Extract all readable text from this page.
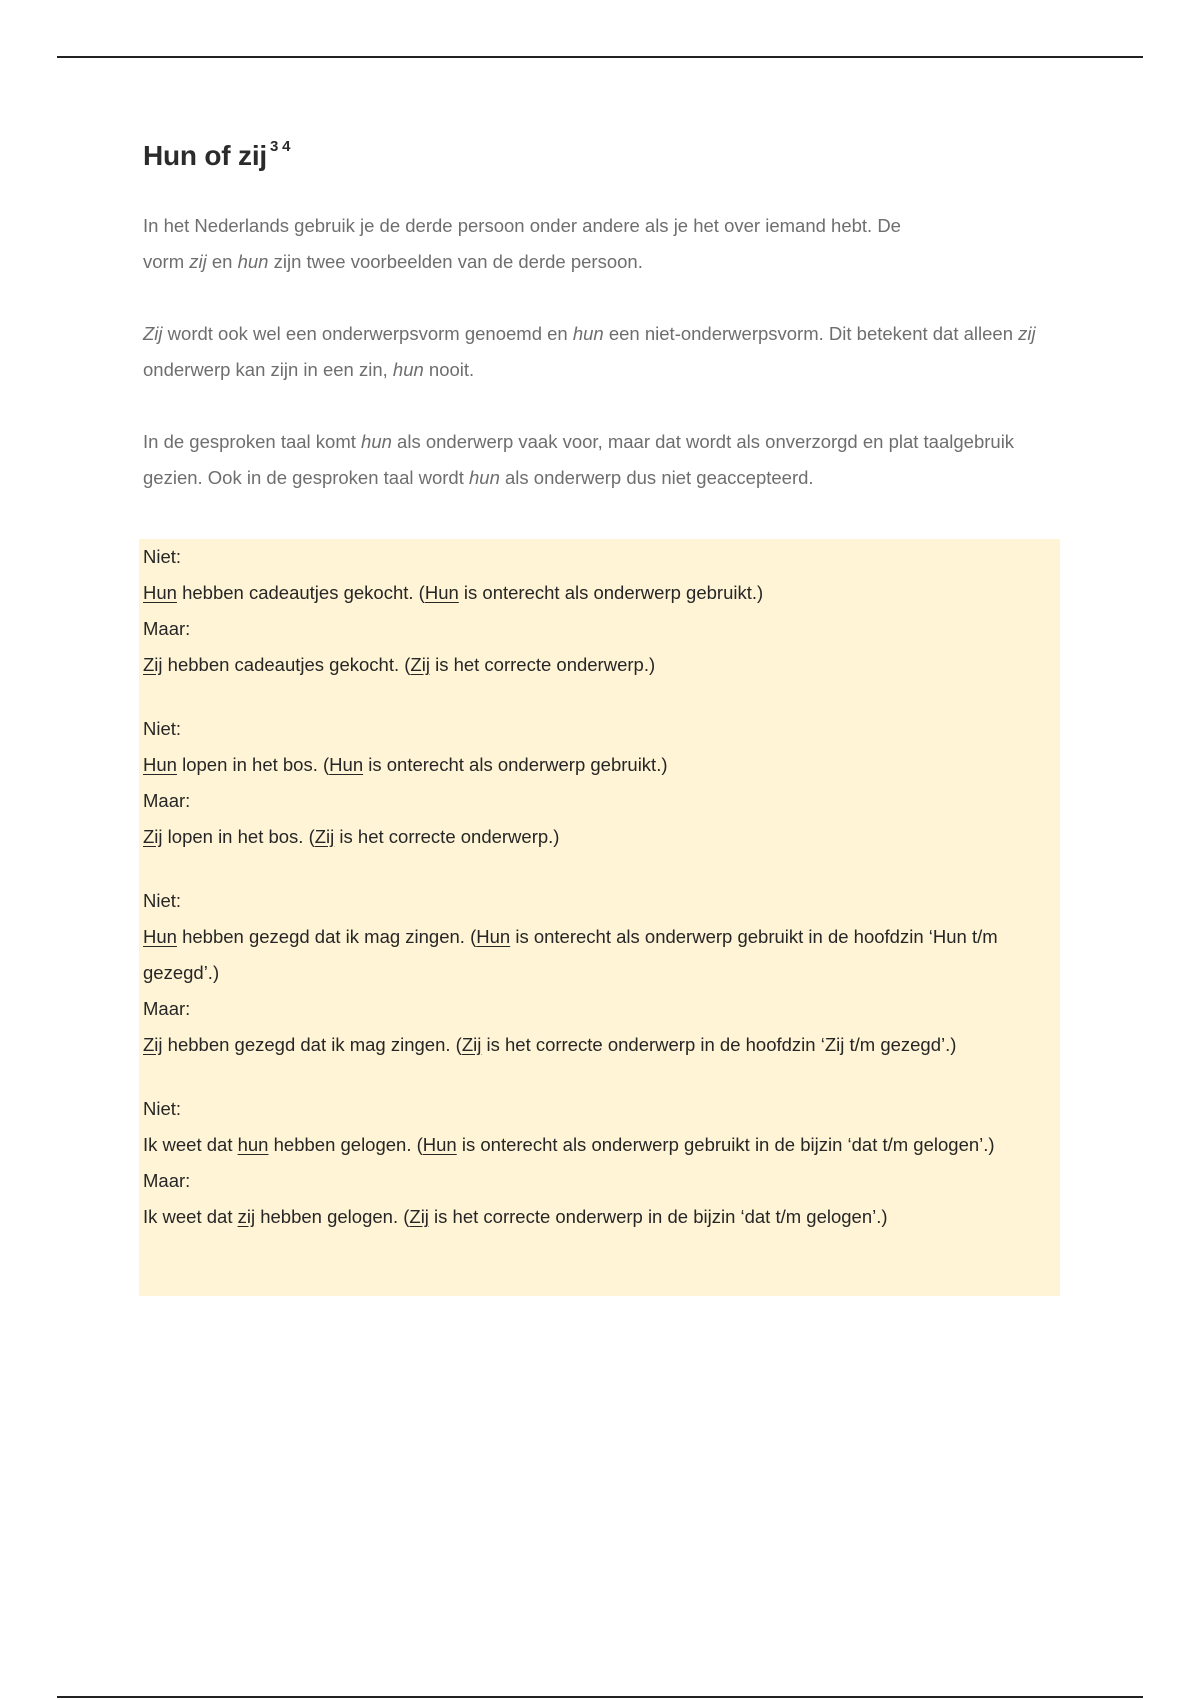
Hun of zij $^{3 4}$

In het Nederlands gebruik je de derde persoon onder andere als je het over iemand hebt. De
vorm zij en hun zijn twee voorbeelden van de derde persoon.

Zij wordt ook wel een onderwerpsvorm genoemd en hun een niet-onderwerpsvorm. Dit betekent dat alleen zij onderwerp kan zijn in een zin, hun nooit.

In de gesproken taal komt hun als onderwerp vaak voor, maar dat wordt als onverzorgd en plat taalgebruik gezien. Ook in de gesproken taal wordt hun als onderwerp dus niet geaccepteerd.

Niet:

Hun hebben cadeautjes gekocht. (Hun is onterecht als onderwerp gebruikt.)

Maar:

Zij hebben cadeautjes gekocht. (Zij is het correcte onderwerp.)

Niet:

Hun lopen in het bos. (Hun is onterecht als onderwerp gebruikt.)

Maar:

Zij lopen in het bos. (Zij is het correcte onderwerp.)

Niet:

Hun hebben gezegd dat ik mag zingen. (Hun is onterecht als onderwerp gebruikt in de hoofdzin ‘Hun t/m gezegd’.)

Maar:

Zij hebben gezegd dat ik mag zingen. (Zij is het correcte onderwerp in de hoofdzin ‘Zij t/m gezegd’.)

Niet:

Ik weet dat hun hebben gelogen. (Hun is onterecht als onderwerp gebruikt in de bijzin ‘dat t/m gelogen’.)

Maar:

Ik weet dat zij hebben gelogen. (Zij is het correcte onderwerp in de bijzin ‘dat t/m gelogen’.)
